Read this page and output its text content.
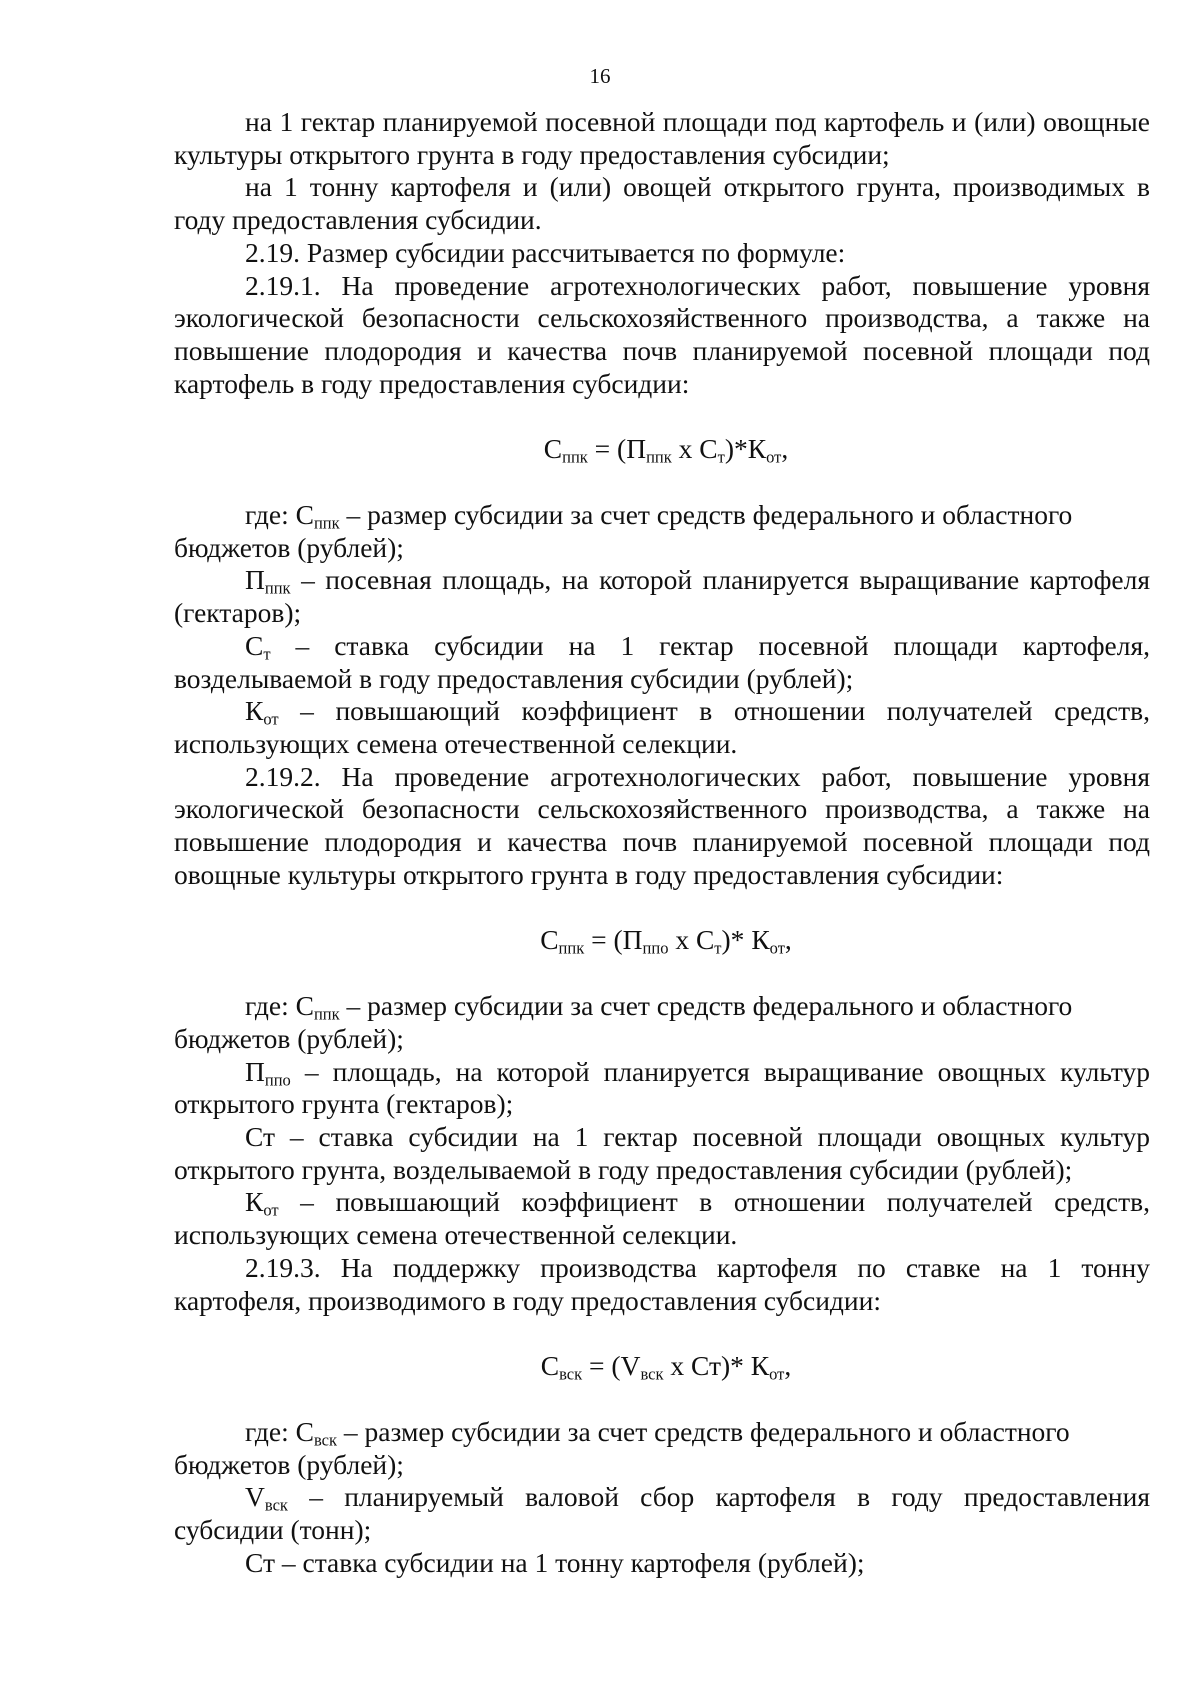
16

на 1 гектар планируемой посевной площади под картофель и (или) овощные культуры открытого грунта в году предоставления субсидии;

на 1 тонну картофеля и (или) овощей открытого грунта, производимых в году предоставления субсидии.

2.19. Размер субсидии рассчитывается по формуле:

2.19.1. На проведение агротехнологических работ, повышение уровня экологической безопасности сельскохозяйственного производства, а также на повышение плодородия и качества почв планируемой посевной площади под картофель в году предоставления субсидии:

$С_{ппк} = (П_{ппк}$ х $С_т)*К_{от}$,

где: $С_{ппк}$ – размер субсидии за счет средств федерального и областного

бюджетов (рублей);

$П_{ппк}$ – посевная площадь, на которой планируется выращивание картофеля (гектаров);

$С_т$ – ставка субсидии на 1 гектар посевной площади картофеля, возделываемой в году предоставления субсидии (рублей);

$К_{от}$ – повышающий коэффициент в отношении получателей средств, использующих семена отечественной селекции.

2.19.2. На проведение агротехнологических работ, повышение уровня экологической безопасности сельскохозяйственного производства, а также на повышение плодородия и качества почв планируемой посевной площади под овощные культуры открытого грунта в году предоставления субсидии:

$С_{ппк} = (П_{ппо}$ х $С_т)*$ $К_{от}$,

где: $С_{ппк}$ – размер субсидии за счет средств федерального и областного

бюджетов (рублей);

$П_{ппо}$ – площадь, на которой планируется выращивание овощных культур открытого грунта (гектаров);

Ст – ставка субсидии на 1 гектар посевной площади овощных культур открытого грунта, возделываемой в году предоставления субсидии (рублей);

$К_{от}$ – повышающий коэффициент в отношении получателей средств, использующих семена отечественной селекции.

2.19.3. На поддержку производства картофеля по ставке на 1 тонну картофеля, производимого в году предоставления субсидии:

$С_{вск} = (V_{вск}$ х Ст)* $К_{от}$,

где: $С_{вск}$ – размер субсидии за счет средств федерального и областного

бюджетов (рублей);

$V_{вск}$ – планируемый валовой сбор картофеля в году предоставления субсидии (тонн);

Ст – ставка субсидии на 1 тонну картофеля (рублей);
